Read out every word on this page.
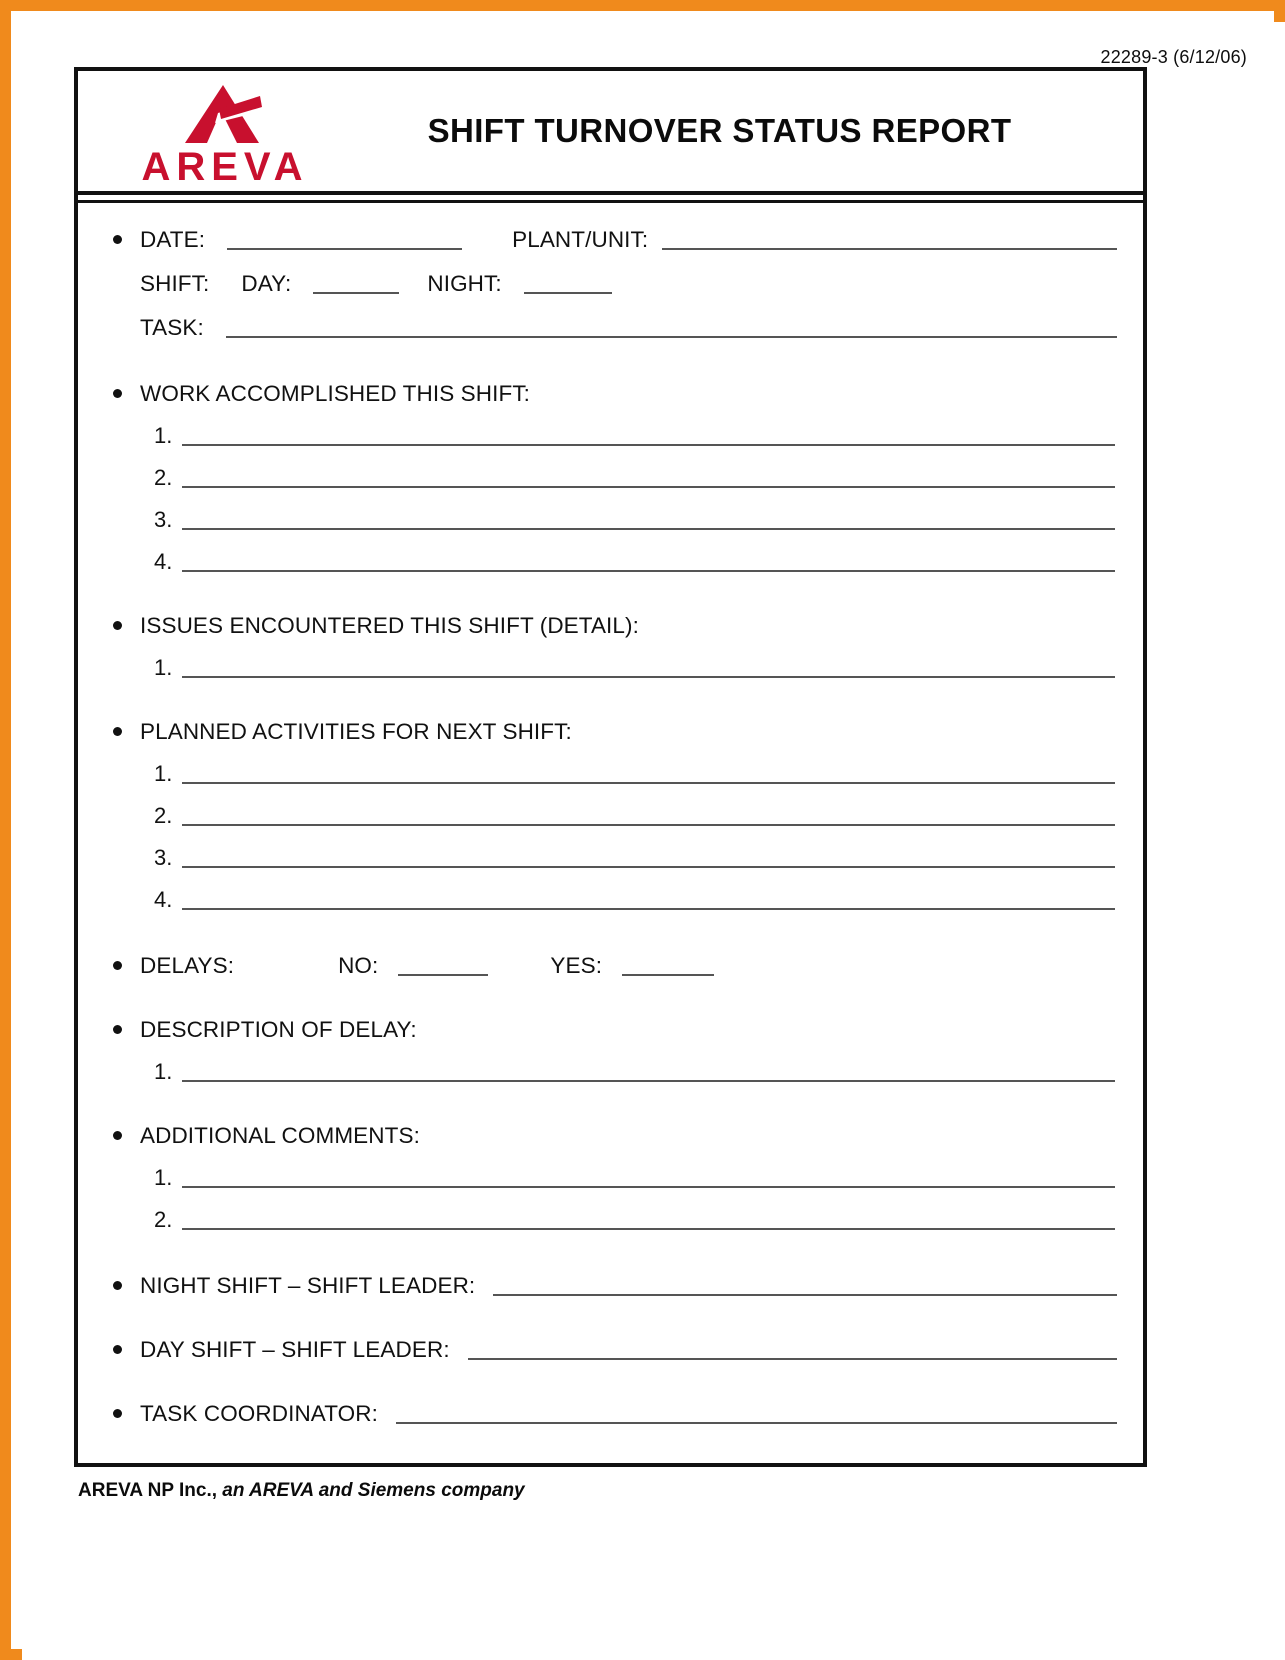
22289-3 (6/12/06)
AREVA
SHIFT TURNOVER STATUS REPORT
DATE:	PLANT/UNIT:
SHIFT: DAY:	NIGHT:
TASK:
WORK ACCOMPLISHED THIS SHIFT:
1.
2.
3.
4.
ISSUES ENCOUNTERED THIS SHIFT (DETAIL):
1.
PLANNED ACTIVITIES FOR NEXT SHIFT:
1.
2.
3.
4.
DELAYS:	NO:	YES:
DESCRIPTION OF DELAY:
1.
ADDITIONAL COMMENTS:
1.
2.
NIGHT SHIFT – SHIFT LEADER:
DAY SHIFT – SHIFT LEADER:
TASK COORDINATOR:
AREVA NP Inc., an AREVA and Siemens company
